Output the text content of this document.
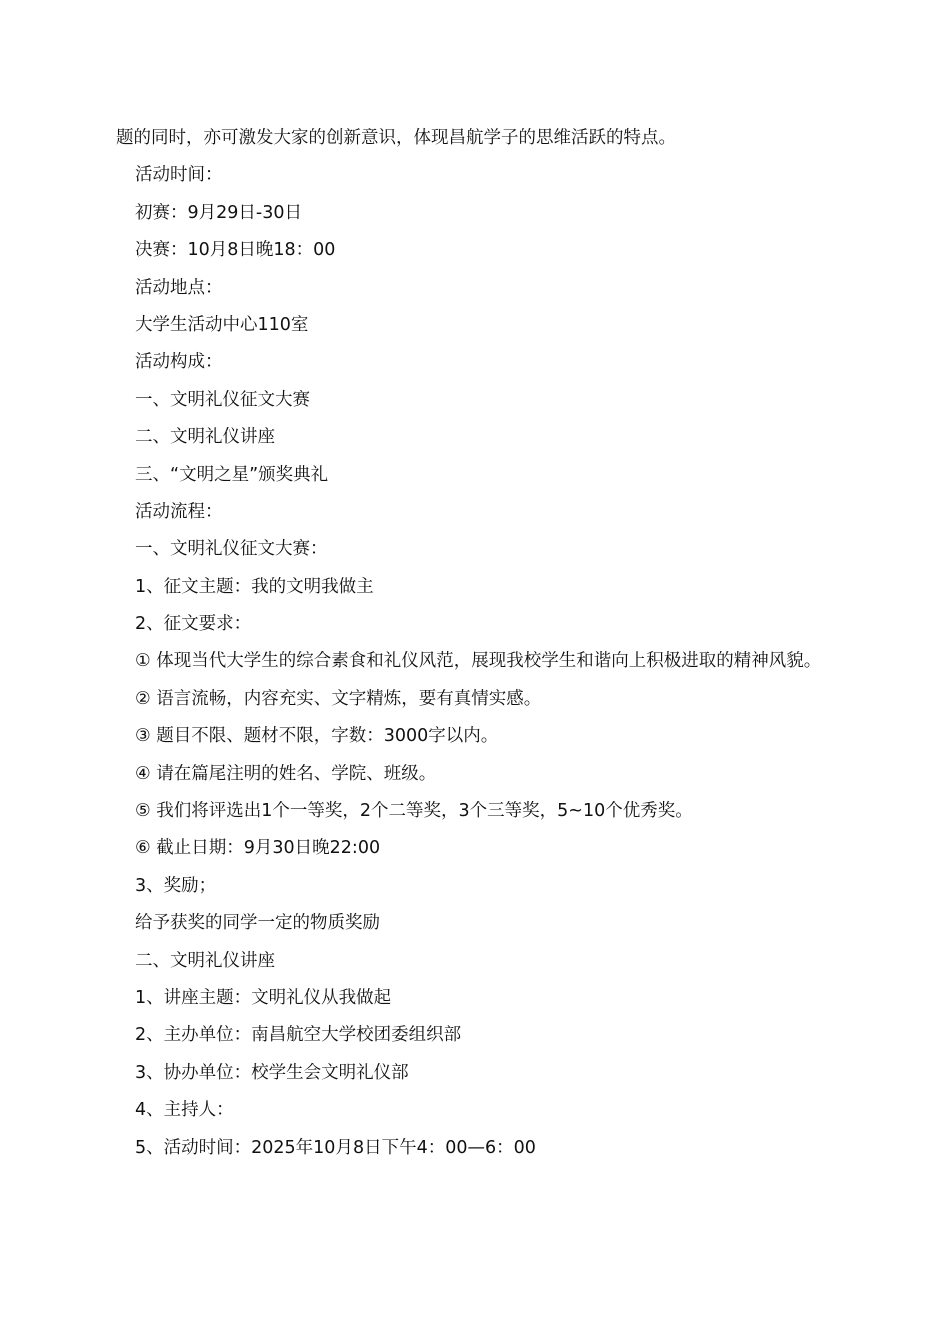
题的同时，亦可激发大家的创新意识，体现昌航学子的思维活跃的特点。
活动时间：
初赛：9月29日-30日
决赛：10月8日晚18：00
活动地点：
大学生活动中心110室
活动构成：
一、文明礼仪征文大赛
二、文明礼仪讲座
三、“文明之星”颁奖典礼
活动流程：
一、文明礼仪征文大赛：
1、征文主题：我的文明我做主
2、征文要求：
① 体现当代大学生的综合素食和礼仪风范，展现我校学生和谐向上积极进取的精神风貌。
② 语言流畅，内容充实、文字精炼，要有真情实感。
③ 题目不限、题材不限，字数：3000字以内。
④ 请在篇尾注明的姓名、学院、班级。
⑤ 我们将评选出1个一等奖，2个二等奖，3个三等奖，5~10个优秀奖。
⑥ 截止日期：9月30日晚22:00
3、奖励；
给予获奖的同学一定的物质奖励
二、文明礼仪讲座
1、讲座主题：文明礼仪从我做起
2、主办单位：南昌航空大学校团委组织部
3、协办单位：校学生会文明礼仪部
4、主持人：
5、活动时间：2025年10月8日下午4：00—6：00
